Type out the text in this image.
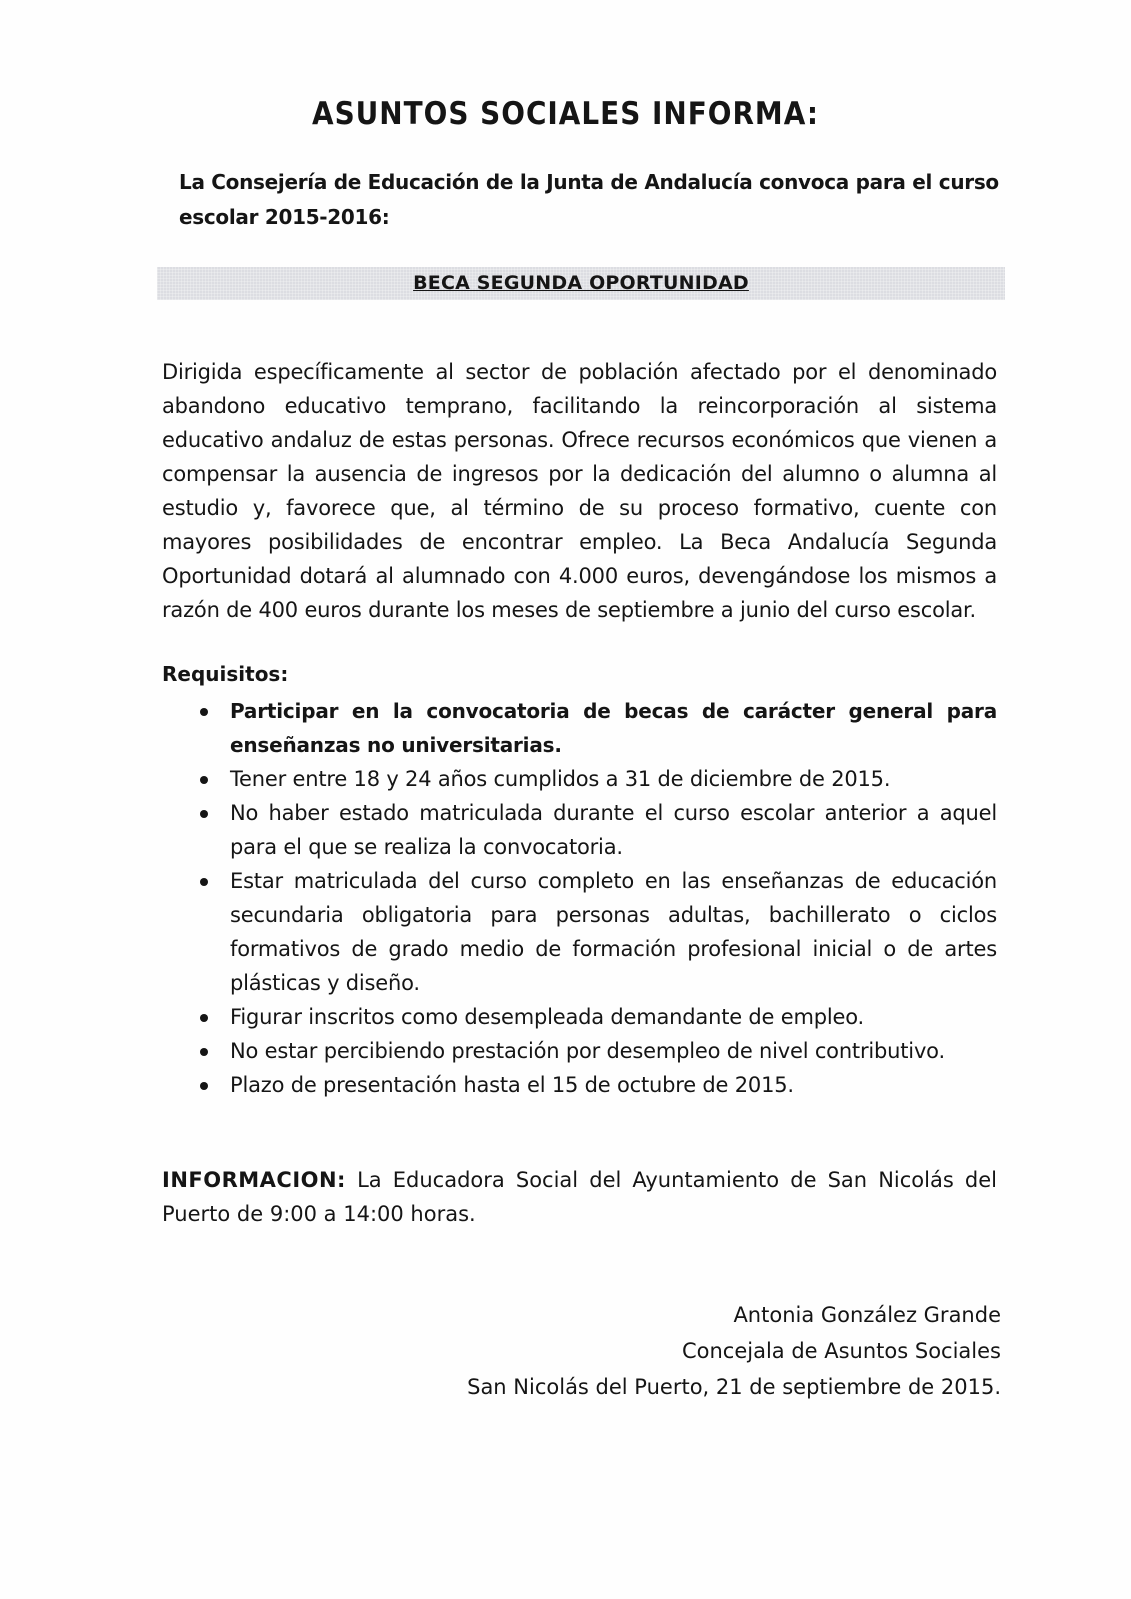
ASUNTOS SOCIALES INFORMA:
La Consejería de Educación de la Junta de Andalucía convoca para el curso escolar 2015-2016:
BECA SEGUNDA OPORTUNIDAD
Dirigida específicamente al sector de población afectado por el denominado abandono educativo temprano, facilitando la reincorporación al sistema educativo andaluz de estas personas. Ofrece recursos económicos que vienen a compensar la ausencia de ingresos por la dedicación del alumno o alumna al estudio y, favorece que, al término de su proceso formativo, cuente con mayores posibilidades de encontrar empleo. La Beca Andalucía Segunda Oportunidad dotará al alumnado con 4.000 euros, devengándose los mismos a razón de 400 euros durante los meses de septiembre a junio del curso escolar.
Requisitos:
Participar en la convocatoria de becas de carácter general para enseñanzas no universitarias.
Tener entre 18 y 24 años cumplidos a 31 de diciembre de 2015.
No haber estado matriculada durante el curso escolar anterior a aquel para el que se realiza la convocatoria.
Estar matriculada del curso completo en las enseñanzas de educación secundaria obligatoria para personas adultas, bachillerato o ciclos formativos de grado medio de formación profesional inicial o de artes plásticas y diseño.
Figurar inscritos como desempleada demandante de empleo.
No estar percibiendo prestación por desempleo de nivel contributivo.
Plazo de presentación hasta el 15 de octubre de 2015.
INFORMACION: La Educadora Social del Ayuntamiento de San Nicolás del Puerto de 9:00 a 14:00 horas.
Antonia González Grande
Concejala de Asuntos Sociales
San Nicolás del Puerto, 21 de septiembre de 2015.
